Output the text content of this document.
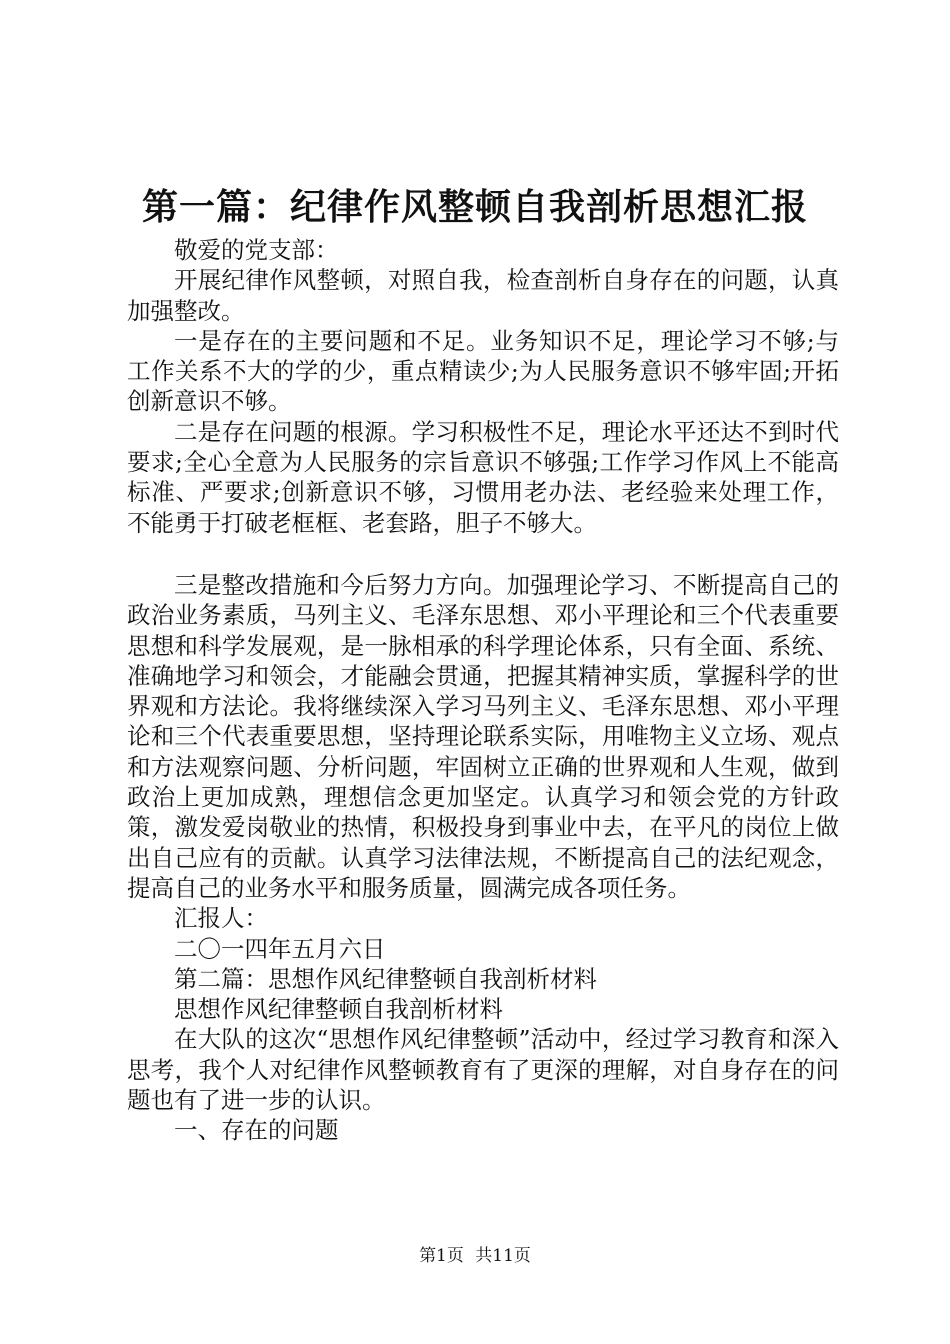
第一篇：纪律作风整顿自我剖析思想汇报

敬爱的党支部：

开展纪律作风整顿，对照自我，检查剖析自身存在的问题，认真加强整改。

一是存在的主要问题和不足。业务知识不足，理论学习不够;与工作关系不大的学的少，重点精读少;为人民服务意识不够牢固;开拓创新意识不够。

二是存在问题的根源。学习积极性不足，理论水平还达不到时代要求;全心全意为人民服务的宗旨意识不够强;工作学习作风上不能高标准、严要求;创新意识不够，习惯用老办法、老经验来处理工作，不能勇于打破老框框、老套路，胆子不够大。

三是整改措施和今后努力方向。加强理论学习、不断提高自己的政治业务素质，马列主义、毛泽东思想、邓小平理论和三个代表重要思想和科学发展观，是一脉相承的科学理论体系，只有全面、系统、准确地学习和领会，才能融会贯通，把握其精神实质，掌握科学的世界观和方法论。我将继续深入学习马列主义、毛泽东思想、邓小平理论和三个代表重要思想，坚持理论联系实际，用唯物主义立场、观点和方法观察问题、分析问题，牢固树立正确的世界观和人生观，做到政治上更加成熟，理想信念更加坚定。认真学习和领会党的方针政策，激发爱岗敬业的热情，积极投身到事业中去，在平凡的岗位上做出自己应有的贡献。认真学习法律法规，不断提高自己的法纪观念，提高自己的业务水平和服务质量，圆满完成各项任务。

汇报人：

二〇一四年五月六日

第二篇：思想作风纪律整顿自我剖析材料

思想作风纪律整顿自我剖析材料

在大队的这次“思想作风纪律整顿”活动中，经过学习教育和深入思考，我个人对纪律作风整顿教育有了更深的理解，对自身存在的问题也有了进一步的认识。

一、存在的问题

第1页 共11页
